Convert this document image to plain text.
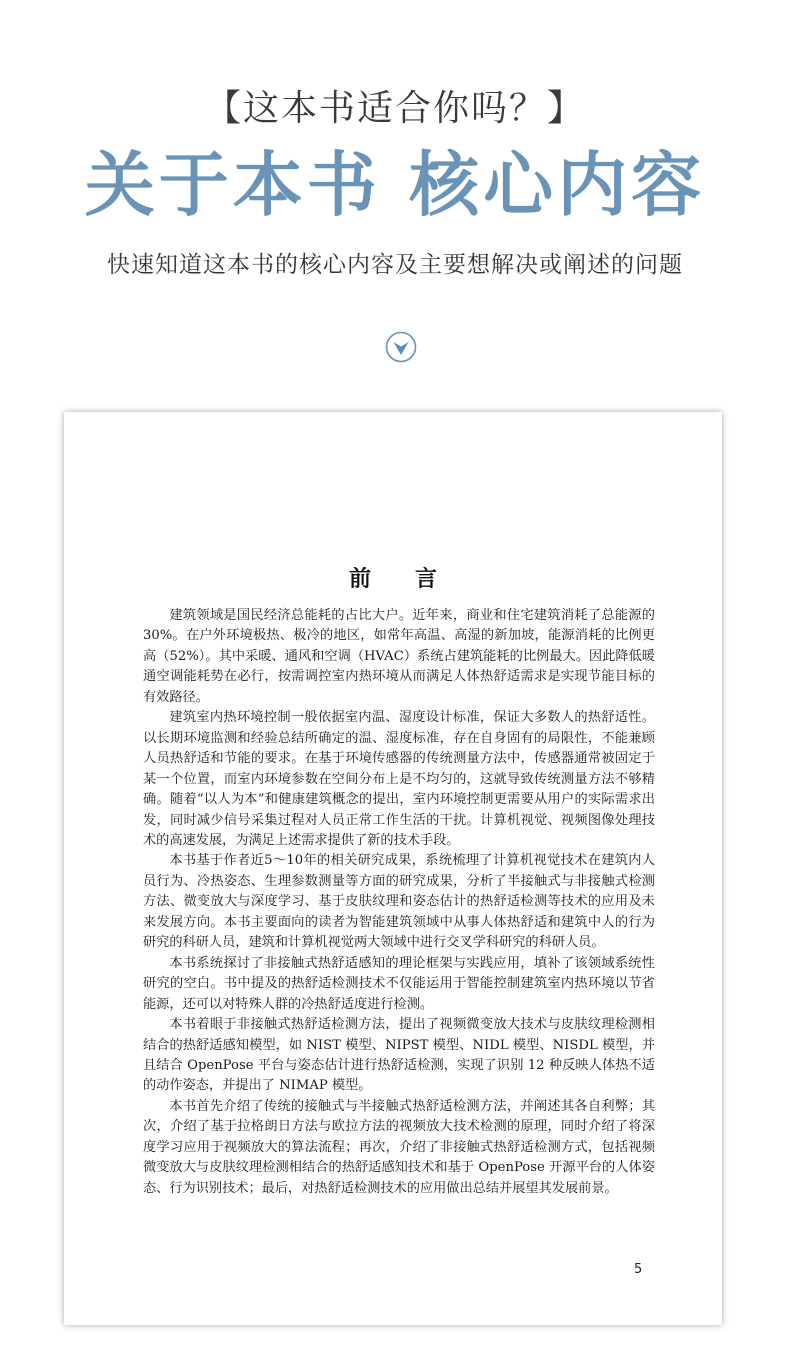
【这本书适合你吗？】
关于本书 核心内容
快速知道这本书的核心内容及主要想解决或阐述的问题
前　　言

建筑领域是国民经济总能耗的占比大户。近年来，商业和住宅建筑消耗了总能源的30%。在户外环境极热、极冷的地区，如常年高温、高湿的新加坡，能源消耗的比例更高（52%）。其中采暖、通风和空调（HVAC）系统占建筑能耗的比例最大。因此降低暖通空调能耗势在必行，按需调控室内热环境从而满足人体热舒适需求是实现节能目标的有效路径。

建筑室内热环境控制一般依据室内温、湿度设计标准，保证大多数人的热舒适性。以长期环境监测和经验总结所确定的温、湿度标准，存在自身固有的局限性，不能兼顾人员热舒适和节能的要求。在基于环境传感器的传统测量方法中，传感器通常被固定于某一个位置，而室内环境参数在空间分布上是不均匀的，这就导致传统测量方法不够精确。随着“以人为本”和健康建筑概念的提出，室内环境控制更需要从用户的实际需求出发，同时减少信号采集过程对人员正常工作生活的干扰。计算机视觉、视频图像处理技术的高速发展，为满足上述需求提供了新的技术手段。

本书基于作者近5～10年的相关研究成果，系统梳理了计算机视觉技术在建筑内人员行为、冷热姿态、生理参数测量等方面的研究成果，分析了半接触式与非接触式检测方法、微变放大与深度学习、基于皮肤纹理和姿态估计的热舒适检测等技术的应用及未来发展方向。本书主要面向的读者为智能建筑领域中从事人体热舒适和建筑中人的行为研究的科研人员，建筑和计算机视觉两大领域中进行交叉学科研究的科研人员。

本书系统探讨了非接触式热舒适感知的理论框架与实践应用，填补了该领域系统性研究的空白。书中提及的热舒适检测技术不仅能运用于智能控制建筑室内热环境以节省能源，还可以对特殊人群的冷热舒适度进行检测。

本书着眼于非接触式热舒适检测方法，提出了视频微变放大技术与皮肤纹理检测相结合的热舒适感知模型，如 NIST 模型、NIPST 模型、NIDL 模型、NISDL 模型，并且结合 OpenPose 平台与姿态估计进行热舒适检测，实现了识别 12 种反映人体热不适的动作姿态，并提出了 NIMAP 模型。

本书首先介绍了传统的接触式与半接触式热舒适检测方法，并阐述其各自利弊；其次，介绍了基于拉格朗日方法与欧拉方法的视频放大技术检测的原理，同时介绍了将深度学习应用于视频放大的算法流程；再次，介绍了非接触式热舒适检测方式，包括视频微变放大与皮肤纹理检测相结合的热舒适感知技术和基于 OpenPose 开源平台的人体姿态、行为识别技术；最后，对热舒适检测技术的应用做出总结并展望其发展前景。

5
